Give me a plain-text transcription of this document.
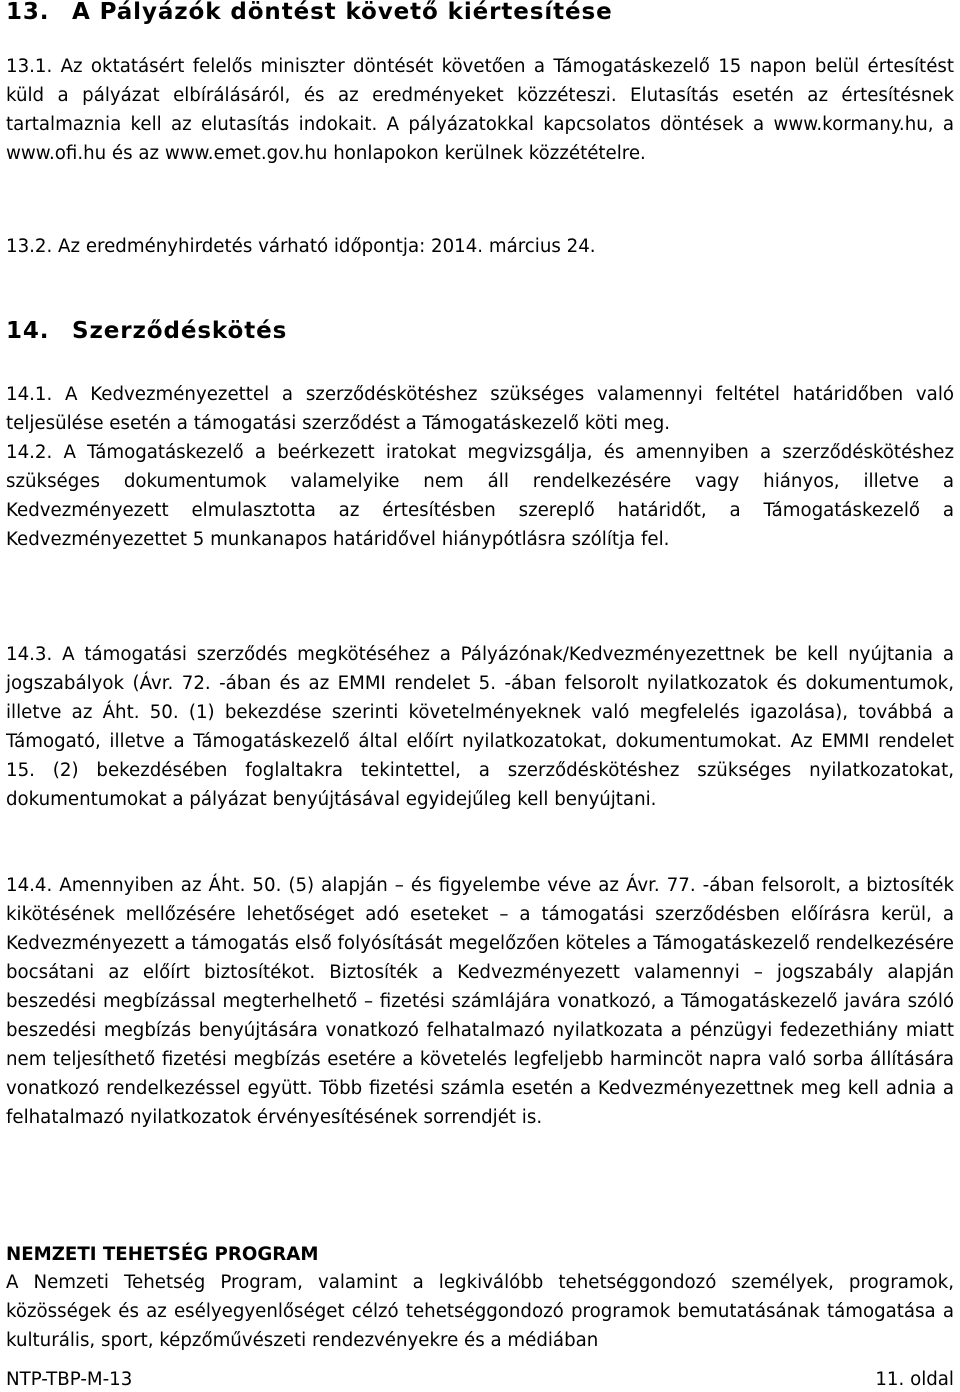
13. A Pályázók döntést követő kiértesítése
13.1. Az oktatásért felelős miniszter döntését követően a Támogatáskezelő 15 napon belül értesítést küld a pályázat elbírálásáról, és az eredményeket közzéteszi. Elutasítás esetén az értesítésnek tartalmaznia kell az elutasítás indokait. A pályázatokkal kapcsolatos döntések a www.kormany.hu, a www.ofi.hu és az www.emet.gov.hu honlapokon kerülnek közzétételre.
13.2. Az eredményhirdetés várható időpontja: 2014. március 24.
14. Szerződéskötés
14.1. A Kedvezményezettel a szerződéskötéshez szükséges valamennyi feltétel határidőben való teljesülése esetén a támogatási szerződést a Támogatáskezelő köti meg.
14.2. A Támogatáskezelő a beérkezett iratokat megvizsgálja, és amennyiben a szerződéskötéshez szükséges dokumentumok valamelyike nem áll rendelkezésére vagy hiányos, illetve a Kedvezményezett elmulasztotta az értesítésben szereplő határidőt, a Támogatáskezelő a Kedvezményezettet 5 munkanapos határidővel hiánypótlásra szólítja fel.
14.3. A támogatási szerződés megkötéséhez a Pályázónak/Kedvezményezettnek be kell nyújtania a jogszabályok (Ávr. 72. -ában és az EMMI rendelet 5. -ában felsorolt nyilatkozatok és dokumentumok, illetve az Áht. 50. (1) bekezdése szerinti követelményeknek való megfelelés igazolása), továbbá a Támogató, illetve a Támogatáskezelő által előírt nyilatkozatokat, dokumentumokat. Az EMMI rendelet 15. (2) bekezdésében foglaltakra tekintettel, a szerződéskötéshez szükséges nyilatkozatokat, dokumentumokat a pályázat benyújtásával egyidejűleg kell benyújtani.
14.4. Amennyiben az Áht. 50. (5) alapján – és figyelembe véve az Ávr. 77. -ában felsorolt, a biztosíték kikötésének mellőzésére lehetőséget adó eseteket – a támogatási szerződésben előírásra kerül, a Kedvezményezett a támogatás első folyósítását megelőzően köteles a Támogatáskezelő rendelkezésére bocsátani az előírt biztosítékot. Biztosíték a Kedvezményezett valamennyi – jogszabály alapján beszedési megbízással megterhelhető – fizetési számlájára vonatkozó, a Támogatáskezelő javára szóló beszedési megbízás benyújtására vonatkozó felhatalmazó nyilatkozata a pénzügyi fedezethiány miatt nem teljesíthető fizetési megbízás esetére a követelés legfeljebb harmincöt napra való sorba állítására vonatkozó rendelkezéssel együtt. Több fizetési számla esetén a Kedvezményezettnek meg kell adnia a felhatalmazó nyilatkozatok érvényesítésének sorrendjét is.
NEMZETI TEHETSÉG PROGRAM
A Nemzeti Tehetség Program, valamint a legkiválóbb tehetséggondozó személyek, programok, közösségek és az esélyegyenlőséget célzó tehetséggondozó programok bemutatásának támogatása a kulturális, sport, képzőművészeti rendezvényekre és a médiában
NTP-TBP-M-13	11. oldal
